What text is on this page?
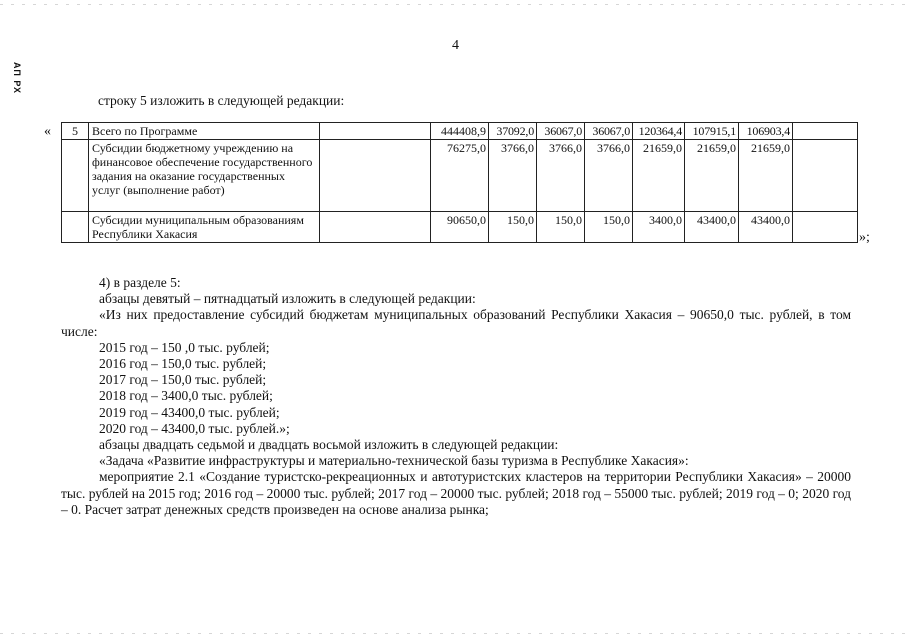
4
АП РХ
строку 5 изложить в следующей редакции:
« 5	Всего по Программе		444408,9	37092,0	36067,0	36067,0	120364,4	107915,1	106903,4	
	Субсидии бюджетному учреждению на финансовое обеспечение государственного задания на оказание государственных услуг (выполнение работ)		76275,0	3766,0	3766,0	3766,0	21659,0	21659,0	21659,0	
	Субсидии муниципальным образованиям Республики Хакасия		90650,0	150,0	150,0	150,0	3400,0	43400,0	43400,0	
»;

4) в разделе 5:

абзацы девятый – пятнадцатый изложить в следующей редакции:

«Из них предоставление субсидий бюджетам муниципальных образований Республики Хакасия – 90650,0 тыс. рублей, в том числе:

2015 год – 150 ,0 тыс. рублей;

2016 год – 150,0 тыс. рублей;

2017 год – 150,0 тыс. рублей;

2018 год – 3400,0 тыс. рублей;

2019 год – 43400,0 тыс. рублей;

2020 год – 43400,0 тыс. рублей.»;

абзацы двадцать седьмой и двадцать восьмой изложить в следующей редакции:

«Задача «Развитие инфраструктуры и материально-технической базы туризма в Республике Хакасия»:

мероприятие 2.1 «Создание туристско-рекреационных и автотуристских кластеров на территории Республики Хакасия» – 20000 тыс. рублей на 2015 год; 2016 год – 20000 тыс. рублей; 2017 год – 20000 тыс. рублей; 2018 год – 55000 тыс. рублей; 2019 год – 0; 2020 год – 0. Расчет затрат денежных средств произведен на основе анализа рынка;
